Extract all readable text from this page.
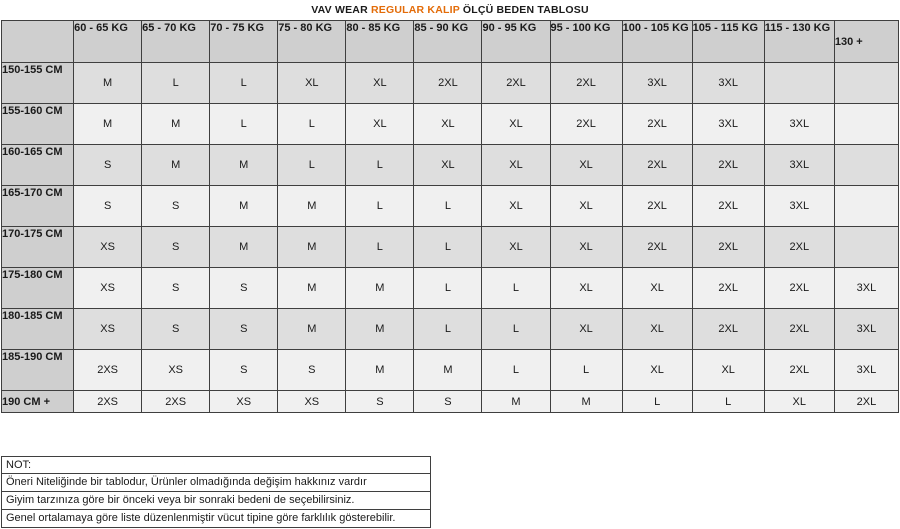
VAV WEAR REGULAR KALIP ÖLÇÜ BEDEN TABLOSU
	60 - 65 KG	65 - 70 KG	70 - 75 KG	75 - 80 KG	80 - 85 KG	85 - 90 KG	90 - 95 KG	95 - 100 KG	100 - 105 KG	105 - 115 KG	115 - 130 KG	130 +
150-155 CM	M	L	L	XL	XL	2XL	2XL	2XL	3XL	3XL		
155-160 CM	M	M	L	L	XL	XL	XL	2XL	2XL	3XL	3XL	
160-165 CM	S	M	M	L	L	XL	XL	XL	2XL	2XL	3XL	
165-170 CM	S	S	M	M	L	L	XL	XL	2XL	2XL	3XL	
170-175 CM	XS	S	M	M	L	L	XL	XL	2XL	2XL	2XL	
175-180 CM	XS	S	S	M	M	L	L	XL	XL	2XL	2XL	3XL
180-185 CM	XS	S	S	M	M	L	L	XL	XL	2XL	2XL	3XL
185-190 CM	2XS	XS	S	S	M	M	L	L	XL	XL	2XL	3XL
190 CM +	2XS	2XS	XS	XS	S	S	M	M	L	L	XL	2XL
NOT:
Öneri Niteliğinde bir tablodur, Ürünler olmadığında değişim hakkınız vardır
Giyim tarzınıza göre bir önceki veya bir sonraki bedeni de seçebilirsiniz.
Genel ortalamaya göre liste düzenlenmiştir vücut tipine göre farklılık gösterebilir.
